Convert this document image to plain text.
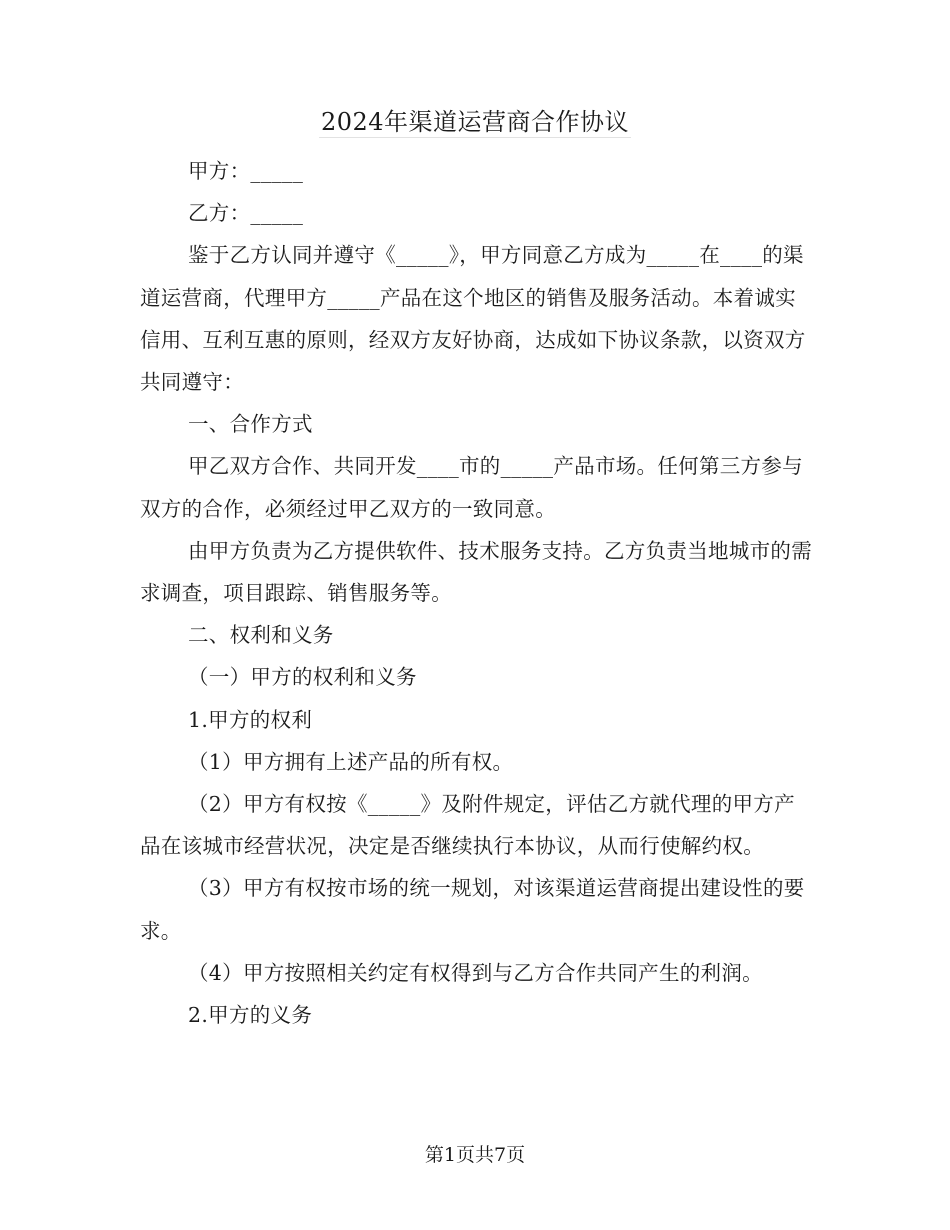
2024年渠道运营商合作协议

甲方：_____

乙方：_____

鉴于乙方认同并遵守《_____》，甲方同意乙方成为_____在____的渠道运营商，代理甲方_____产品在这个地区的销售及服务活动。本着诚实信用、互利互惠的原则，经双方友好协商，达成如下协议条款，以资双方共同遵守：

一、合作方式

甲乙双方合作、共同开发____市的_____产品市场。任何第三方参与双方的合作，必须经过甲乙双方的一致同意。

由甲方负责为乙方提供软件、技术服务支持。乙方负责当地城市的需求调查，项目跟踪、销售服务等。

二、权利和义务

（一）甲方的权利和义务

1.甲方的权利

（1）甲方拥有上述产品的所有权。

（2）甲方有权按《_____》及附件规定，评估乙方就代理的甲方产品在该城市经营状况，决定是否继续执行本协议，从而行使解约权。

（3）甲方有权按市场的统一规划，对该渠道运营商提出建设性的要求。

（4）甲方按照相关约定有权得到与乙方合作共同产生的利润。

2.甲方的义务

第1页共7页
